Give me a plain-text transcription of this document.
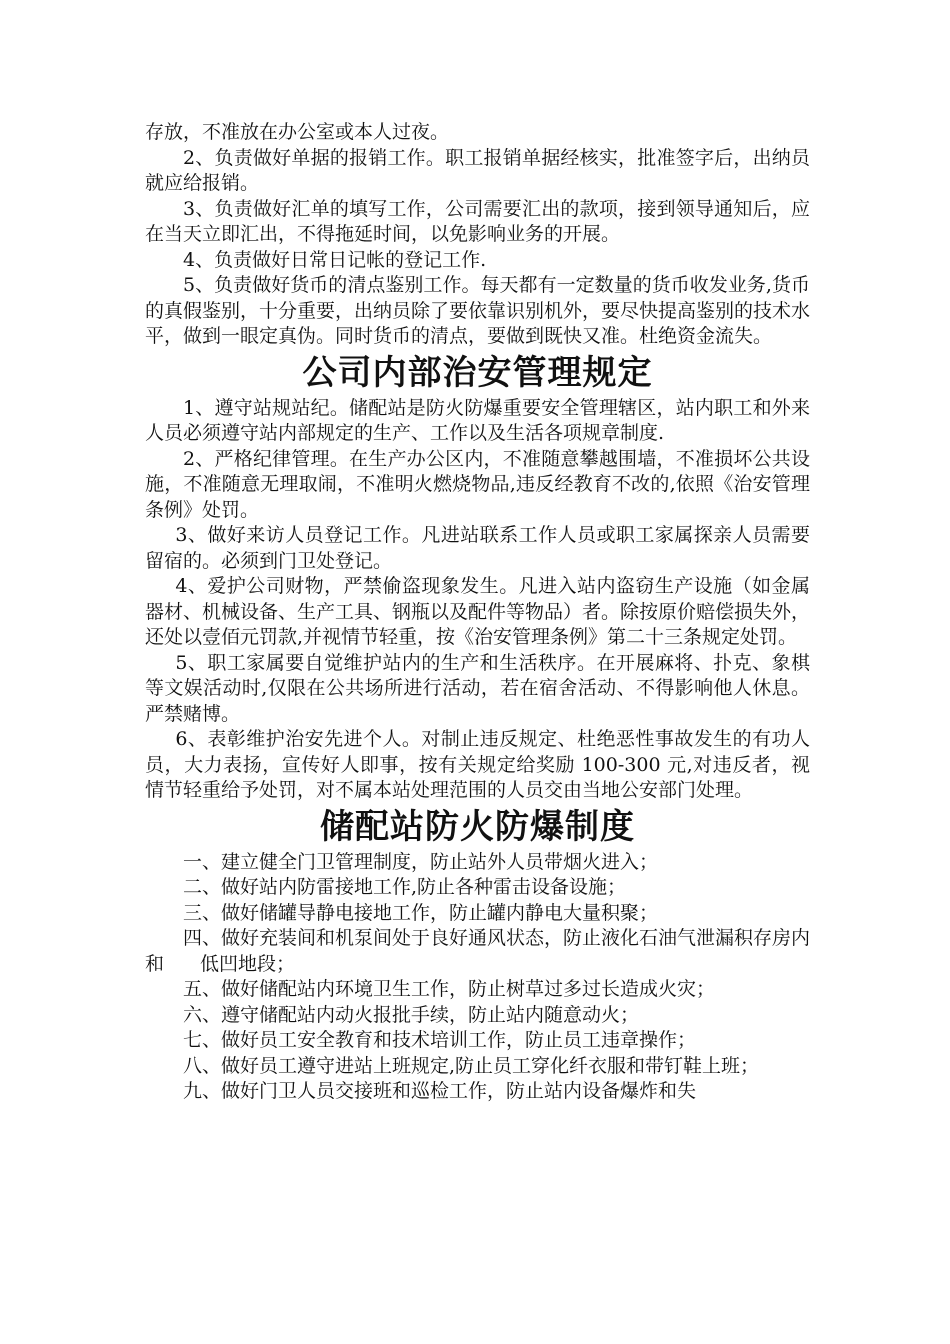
存放，不准放在办公室或本人过夜。

2、负责做好单据的报销工作。职工报销单据经核实，批准签字后，出纳员就应给报销。

3、负责做好汇单的填写工作，公司需要汇出的款项，接到领导通知后，应在当天立即汇出，不得拖延时间，以免影响业务的开展。

4、负责做好日常日记帐的登记工作.

5、负责做好货币的清点鉴别工作。每天都有一定数量的货币收发业务,货币的真假鉴别，十分重要，出纳员除了要依靠识别机外，要尽快提高鉴别的技术水平，做到一眼定真伪。同时货币的清点，要做到既快又准。杜绝资金流失。

公司内部治安管理规定

1、遵守站规站纪。储配站是防火防爆重要安全管理辖区，站内职工和外来人员必须遵守站内部规定的生产、工作以及生活各项规章制度.

2、严格纪律管理。在生产办公区内，不准随意攀越围墙，不准损坏公共设施，不准随意无理取闹，不准明火燃烧物品,违反经教育不改的,依照《治安管理条例》处罚。

3、做好来访人员登记工作。凡进站联系工作人员或职工家属探亲人员需要留宿的。必须到门卫处登记。

4、爱护公司财物，严禁偷盗现象发生。凡进入站内盗窃生产设施（如金属器材、机械设备、生产工具、钢瓶以及配件等物品）者。除按原价赔偿损失外，还处以壹佰元罚款,并视情节轻重，按《治安管理条例》第二十三条规定处罚。

5、职工家属要自觉维护站内的生产和生活秩序。在开展麻将、扑克、象棋等文娱活动时,仅限在公共场所进行活动，若在宿舍活动、不得影响他人休息。严禁赌博。

6、表彰维护治安先进个人。对制止违反规定、杜绝恶性事故发生的有功人员，大力表扬，宣传好人即事，按有关规定给奖励 100-300 元,对违反者，视情节轻重给予处罚，对不属本站处理范围的人员交由当地公安部门处理。

储配站防火防爆制度

一、建立健全门卫管理制度，防止站外人员带烟火进入；

二、做好站内防雷接地工作,防止各种雷击设备设施；

三、做好储罐导静电接地工作，防止罐内静电大量积聚；

四、做好充装间和机泵间处于良好通风状态，防止液化石油气泄漏积存房内和 低凹地段；

五、做好储配站内环境卫生工作，防止树草过多过长造成火灾；

六、遵守储配站内动火报批手续，防止站内随意动火；

七、做好员工安全教育和技术培训工作，防止员工违章操作；

八、做好员工遵守进站上班规定,防止员工穿化纤衣服和带钉鞋上班；

九、做好门卫人员交接班和巡检工作，防止站内设备爆炸和失
